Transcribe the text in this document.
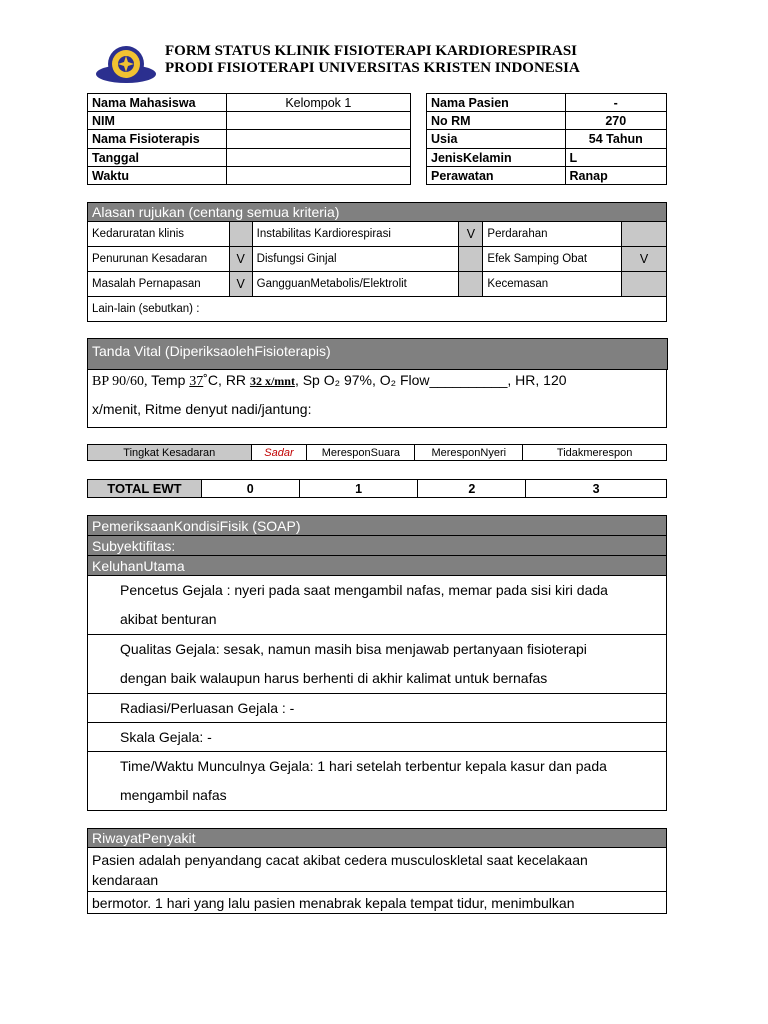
FORM STATUS KLINIK FISIOTERAPI KARDIORESPIRASI
PRODI FISIOTERAPI UNIVERSITAS KRISTEN INDONESIA
Nama Mahasiswa	Kelompok 1
NIM	
Nama Fisioterapis	
Tanggal	
Waktu	
Nama Pasien	-
No RM	270
Usia	54 Tahun
JenisKelamin	L
Perawatan	Ranap
Alasan rujukan (centang semua kriteria)					
Kedaruratan klinis		Instabilitas Kardiorespirasi	V	Perdarahan	
Penurunan Kesadaran	V	Disfungsi Ginjal		Efek Samping Obat	V
Masalah Pernapasan	V	GangguanMetabolis/Elektrolit		Kecemasan	
Lain-lain (sebutkan) :					
Tanda Vital (DiperiksaolehFisioterapis)
BP 90/60, Temp 37˚C, RR 32 x/mnt, Sp O₂ 97%, O₂ Flow__________, HR, 120
x/menit, Ritme denyut nadi/jantung:
Tingkat Kesadaran	Sadar	MeresponSuara	MeresponNyeri	Tidakmerespon
TOTAL EWT	0	1	2	3
PemeriksaanKondisiFisik (SOAP)
Subyektifitas:
KeluhanUtama

Pencetus Gejala : nyeri pada saat mengambil nafas, memar pada sisi kiri dada
akibat benturan

Qualitas Gejala: sesak, namun masih bisa menjawab pertanyaan fisioterapi
dengan baik walaupun harus berhenti di akhir kalimat untuk bernafas

Radiasi/Perluasan Gejala : -
Skala Gejala: -

Time/Waktu Munculnya Gejala: 1 hari setelah terbentur kepala kasur dan pada
mengambil nafas
RiwayatPenyakit

Pasien adalah penyandang cacat akibat cedera musculoskletal saat kecelakaan
kendaraan

bermotor. 1 hari yang lalu pasien menabrak kepala tempat tidur, menimbulkan
